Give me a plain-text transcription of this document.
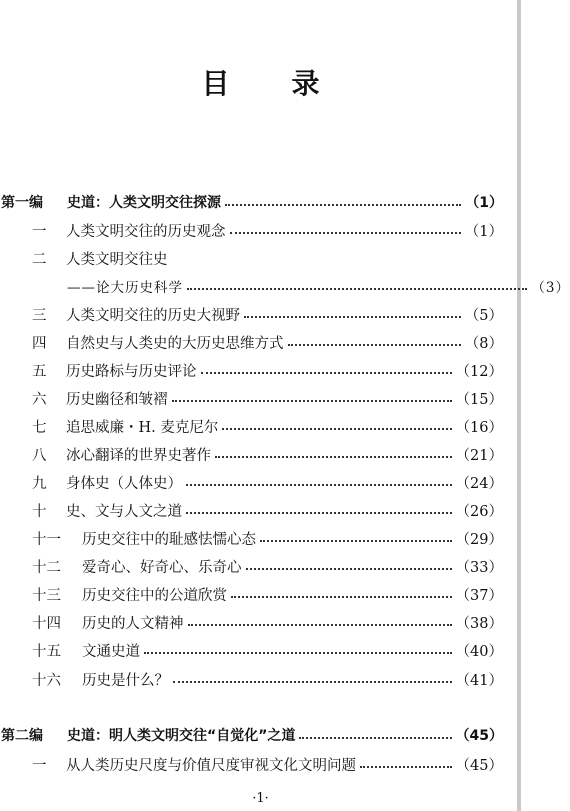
目 录
第一编	史道：人类文明交往探源	（1）
一	人类文明交往的历史观念	（1）
二	人类文明交往史
——论大历史科学	（3）
三	人类文明交往的历史大视野	（5）
四	自然史与人类史的大历史思维方式	（8）
五	历史路标与历史评论	（12）
六	历史幽径和皱褶	（15）
七	追思威廉・H. 麦克尼尔	（16）
八	冰心翻译的世界史著作	（21）
九	身体史（人体史）	（24）
十	史、文与人文之道	（26）
十一	历史交往中的耻感怯懦心态	（29）
十二	爱奇心、好奇心、乐奇心	（33）
十三	历史交往中的公道欣赏	（37）
十四	历史的人文精神	（38）
十五	文通史道	（40）
十六	历史是什么？	（41）
第二编	史道：明人类文明交往“自觉化”之道	（45）
一	从人类历史尺度与价值尺度审视文化文明问题	（45）
·1·
